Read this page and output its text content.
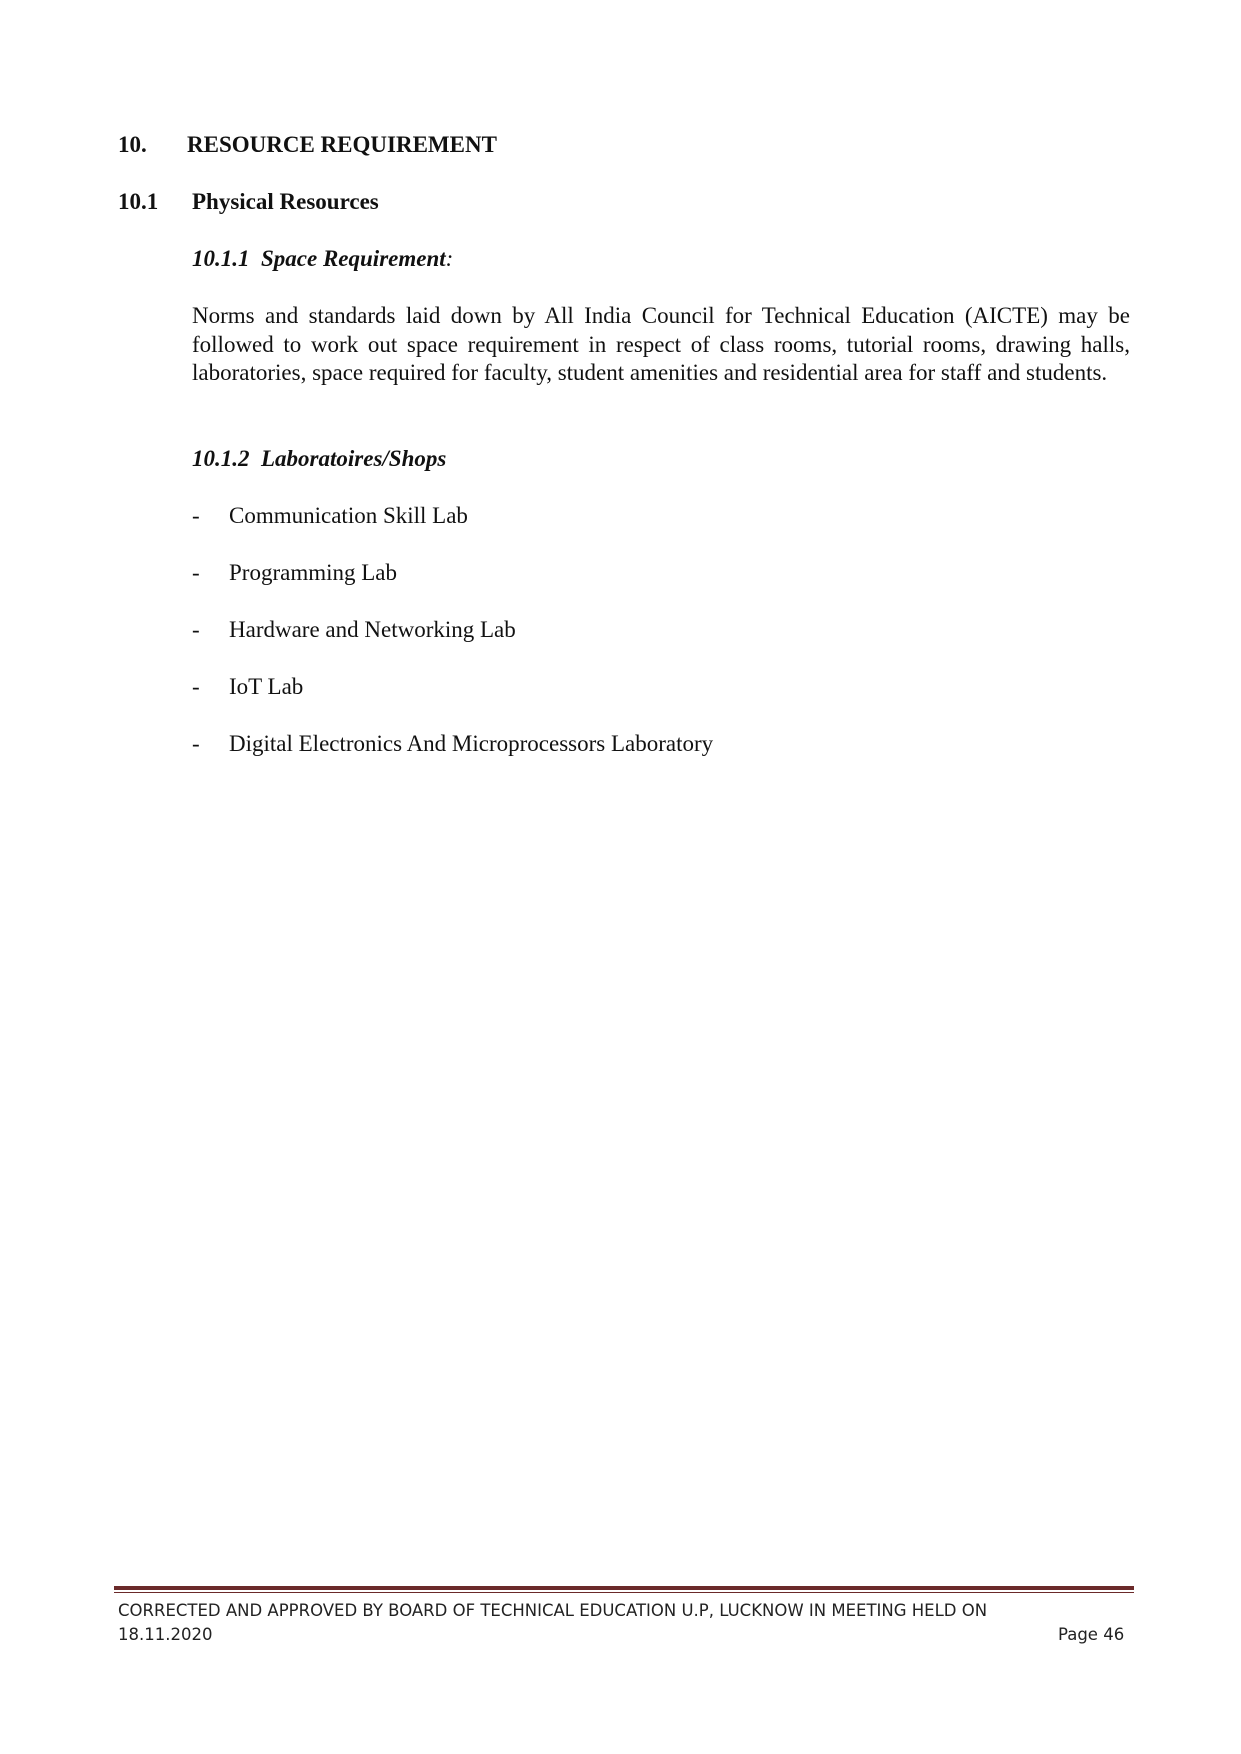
10. RESOURCE REQUIREMENT
10.1 Physical Resources
10.1.1  Space Requirement:
Norms and standards laid down by All India Council for Technical Education (AICTE) may be followed to work out space requirement in respect of class rooms, tutorial rooms, drawing halls, laboratories, space required for faculty, student amenities and residential area for staff and students.
10.1.2  Laboratoires/Shops
- Communication Skill Lab
- Programming Lab
- Hardware and Networking Lab
- IoT Lab
- Digital Electronics And Microprocessors Laboratory
CORRECTED AND APPROVED BY BOARD OF TECHNICAL EDUCATION U.P, LUCKNOW IN MEETING HELD ON
18.11.2020	Page 46
